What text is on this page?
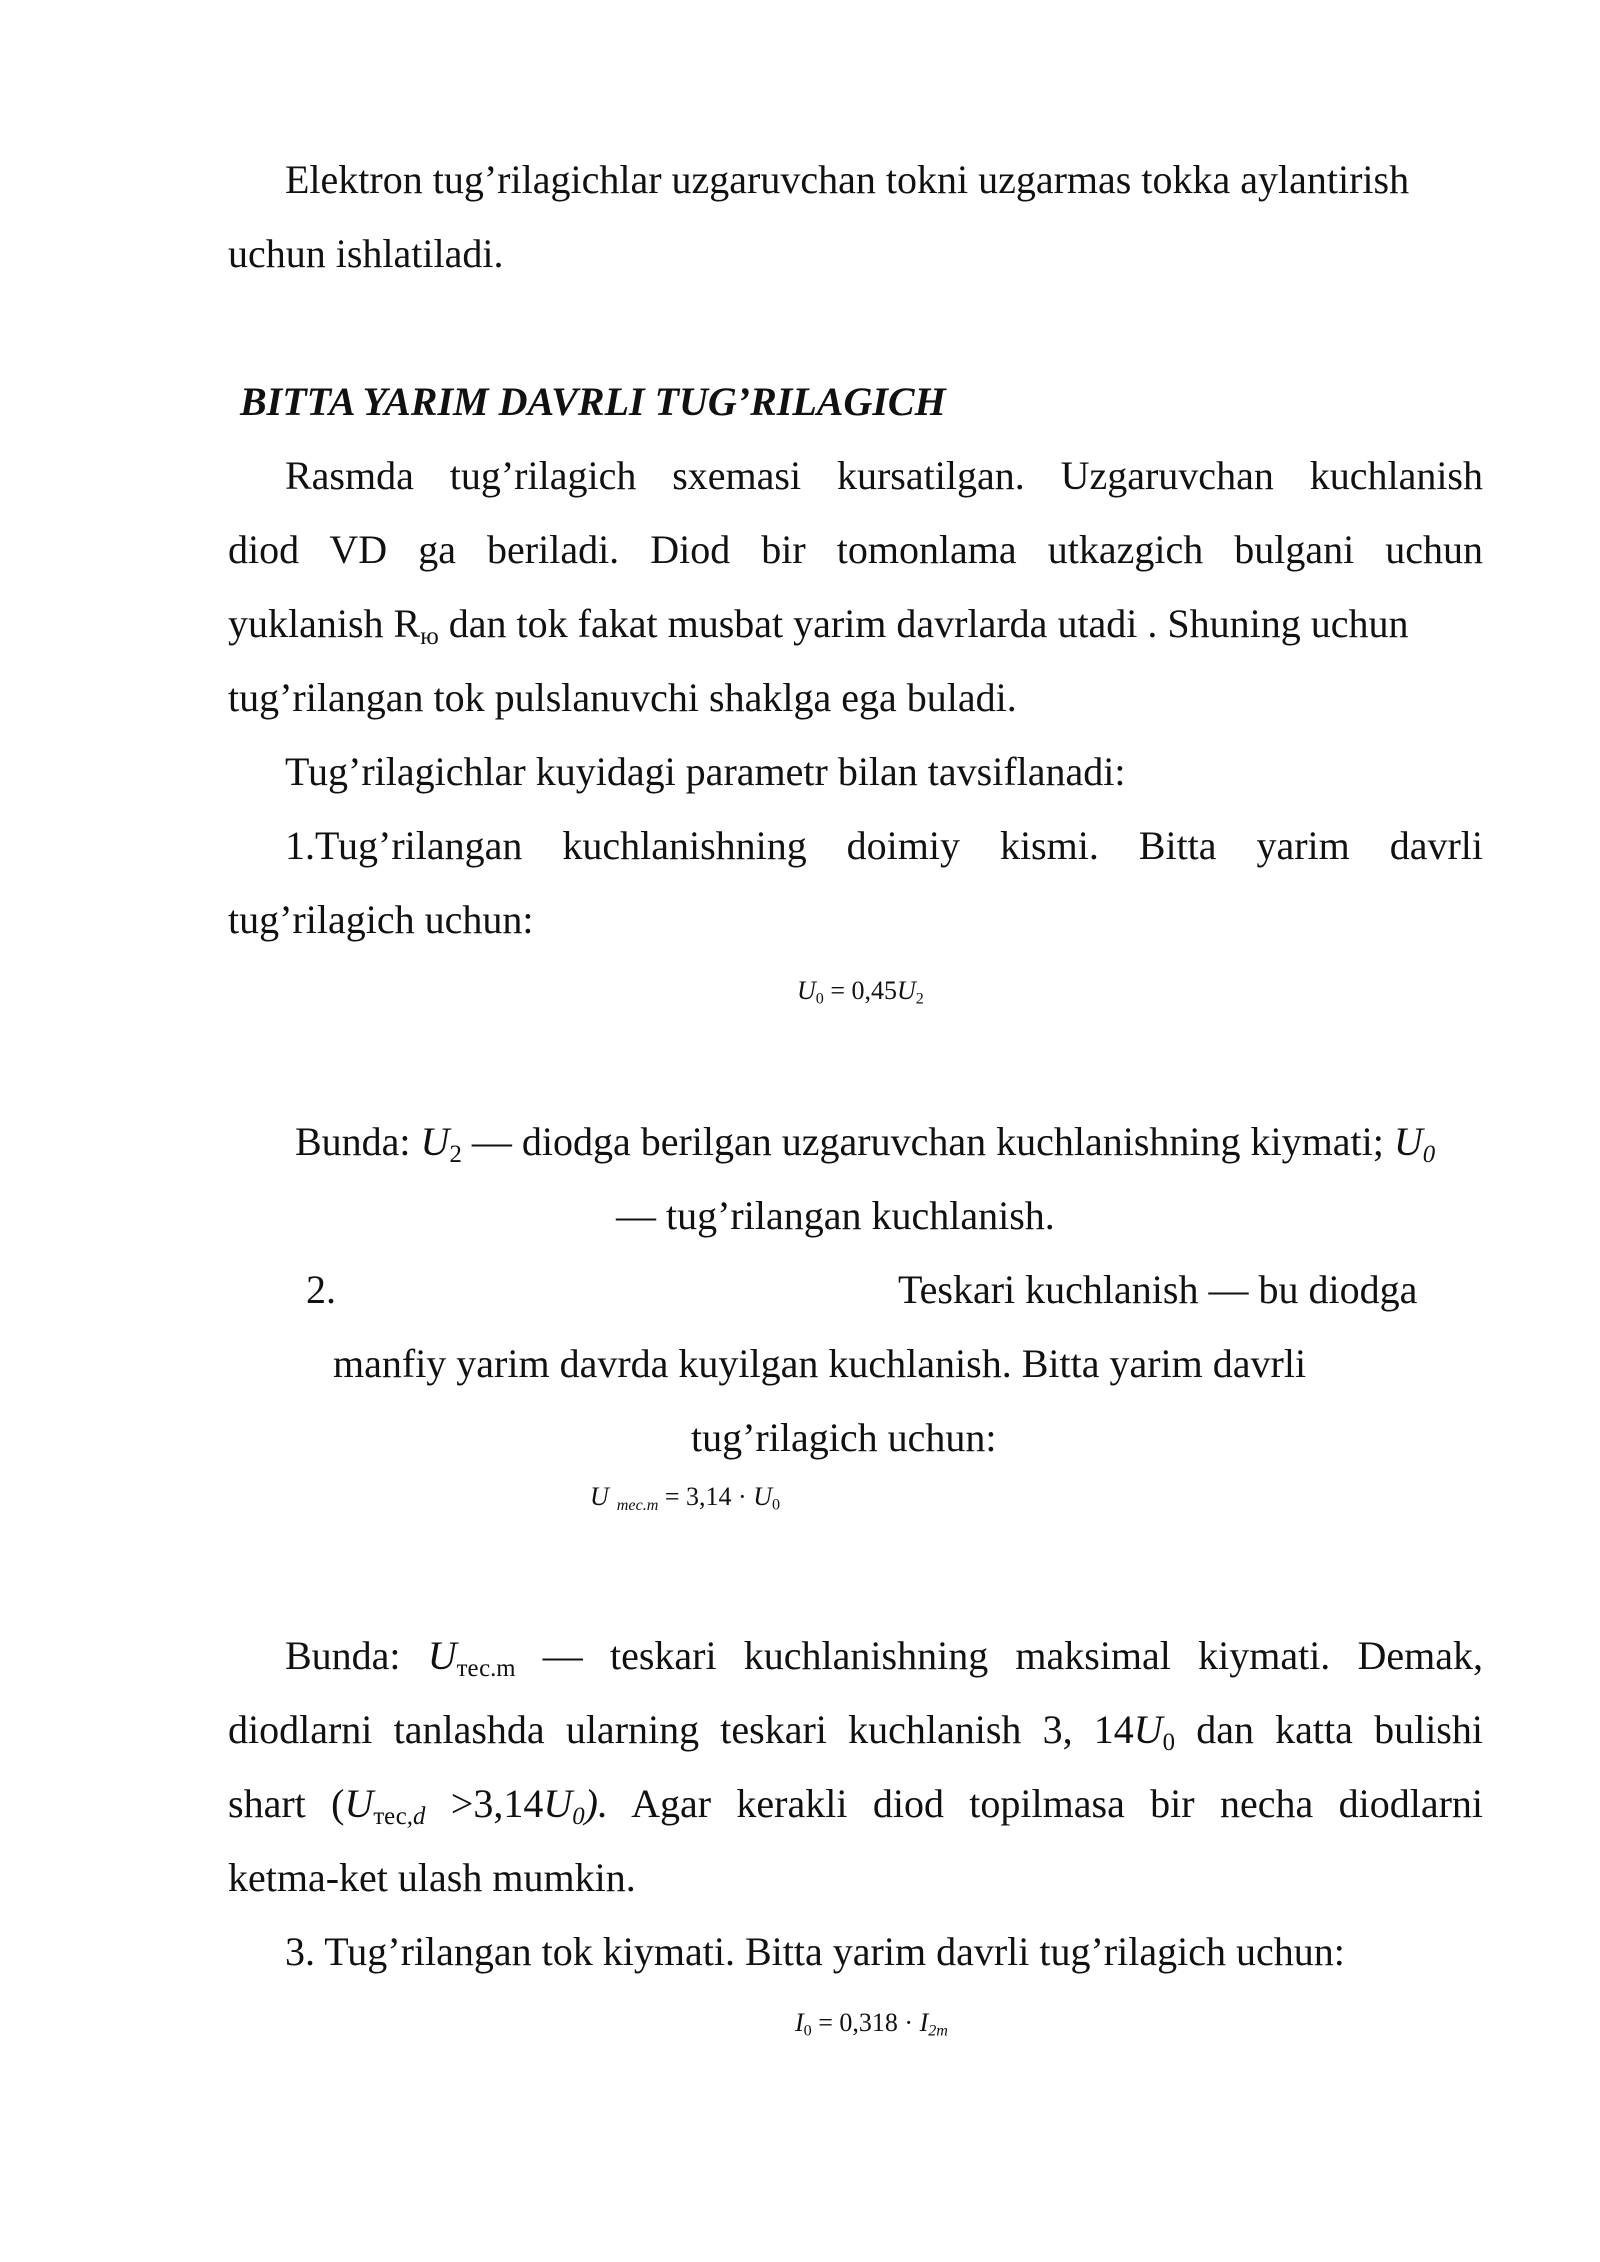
Elektron tug’rilagichlar uzgaruvchan tokni uzgarmas tokka aylantirish
uchun ishlatiladi.
BITTA YARIM DAVRLI TUG’RILAGICH
Rasmda tug’rilagich sxemasi kursatilgan. Uzgaruvchan kuchlanish
diod VD ga beriladi. Diod bir tomonlama utkazgich bulgani uchun
yuklanish $R_ю$ dan tok fakat musbat yarim davrlarda utadi . Shuning uchun
tug’rilangan tok pulslanuvchi shaklga ega buladi.
Tug’rilagichlar kuyidagi parametr bilan tavsiflanadi:
1.Tug’rilangan kuchlanishning doimiy kismi. Bitta yarim davrli
tug’rilagich uchun:
$U_0 = 0,45U_2$
Bunda: $U_2$ — diodga berilgan uzgaruvchan kuchlanishning kiymati; U0
— tug’rilangan kuchlanish.
2.	Teskari kuchlanish — bu diodga
manfiy yarim davrda kuyilgan kuchlanish. Bitta yarim davrli
tug’rilagich uchun:
U $_{mec.m} = 3,14 \cdot U_0$
Bunda: $U_{тес.m}$ — teskari kuchlanishning maksimal kiymati. Demak,
diodlarni tanlashda ularning teskari kuchlanish 3, $14U_0$ dan katta bulishi
shart $(U_{тес,d} >3,14U0)$. Agar kerakli diod topilmasa bir necha diodlarni
ketma-ket ulash mumkin.
3. Tug’rilangan tok kiymati. Bitta yarim davrli tug’rilagich uchun:
$I_0 = 0,318 \cdot I_{2m}$
